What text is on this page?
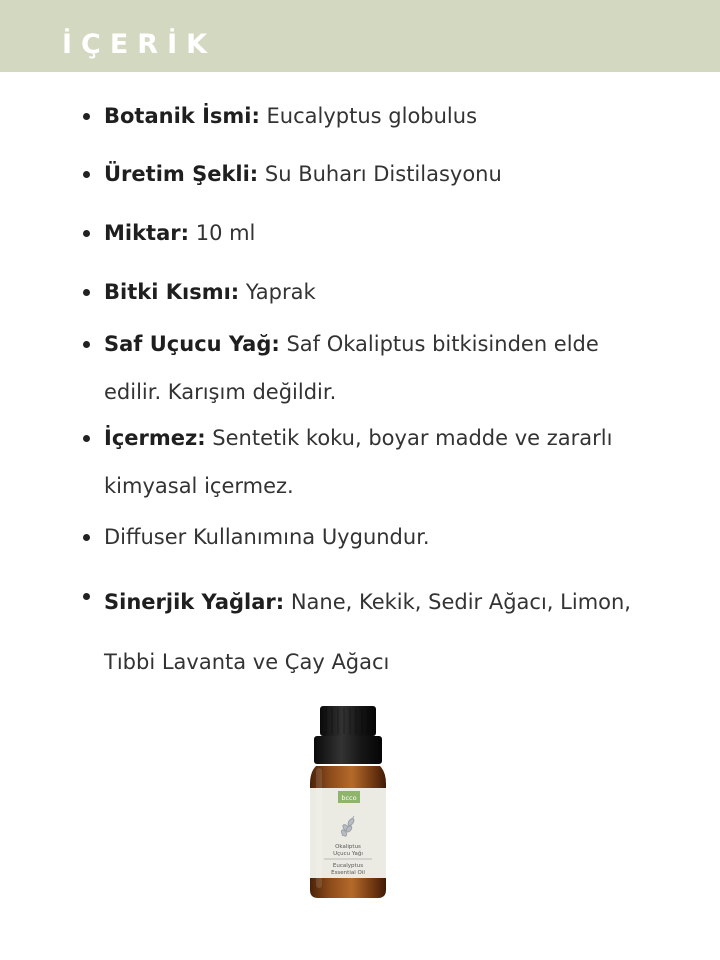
İÇERİK
Botanik İsmi: Eucalyptus globulus
Üretim Şekli: Su Buharı Distilasyonu
Miktar: 10 ml
Bitki Kısmı: Yaprak
Saf Uçucu Yağ: Saf Okaliptus bitkisinden elde edilir. Karışım değildir.
İçermez: Sentetik koku, boyar madde ve zararlı kimyasal içermez.
Diffuser Kullanımına Uygundur.
Sinerjik Yağlar: Nane, Kekik, Sedir Ağacı, Limon, Tıbbi Lavanta ve Çay Ağacı
bcco
Okaliptus
Uçucu Yağı
Eucalyptus
Essential Oil
